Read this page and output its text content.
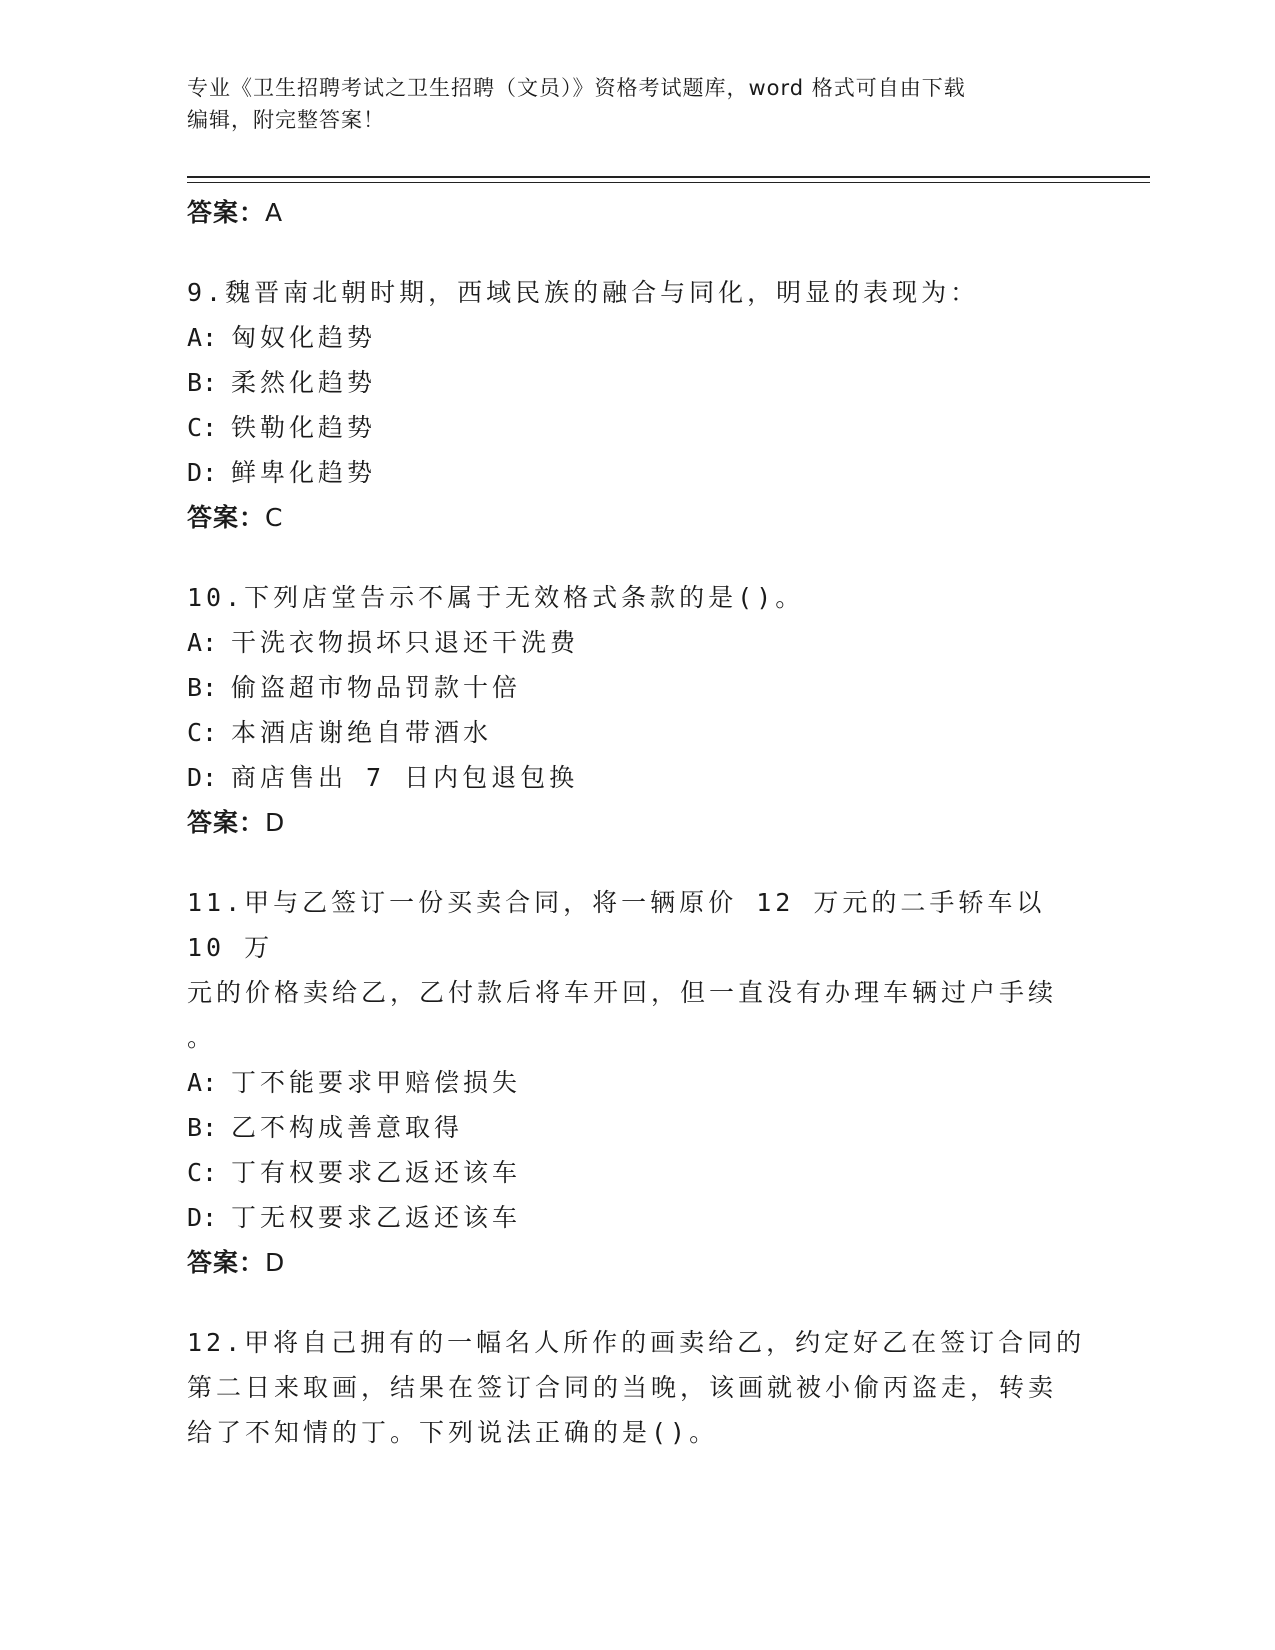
专业《卫生招聘考试之卫生招聘（文员）》资格考试题库，word 格式可自由下载
编辑，附完整答案！
答案：A
9.魏晋南北朝时期，西域民族的融合与同化，明显的表现为：
A: 匈奴化趋势
B: 柔然化趋势
C: 铁勒化趋势
D: 鲜卑化趋势
答案：C
10.下列店堂告示不属于无效格式条款的是()。
A: 干洗衣物损坏只退还干洗费
B: 偷盗超市物品罚款十倍
C: 本酒店谢绝自带酒水
D: 商店售出 7 日内包退包换
答案：D
11.甲与乙签订一份买卖合同，将一辆原价 12 万元的二手轿车以 10 万
元的价格卖给乙，乙付款后将车开回，但一直没有办理车辆过户手续
。
A: 丁不能要求甲赔偿损失
B: 乙不构成善意取得
C: 丁有权要求乙返还该车
D: 丁无权要求乙返还该车
答案：D
12.甲将自己拥有的一幅名人所作的画卖给乙，约定好乙在签订合同的
第二日来取画，结果在签订合同的当晚，该画就被小偷丙盗走，转卖
给了不知情的丁。下列说法正确的是()。
